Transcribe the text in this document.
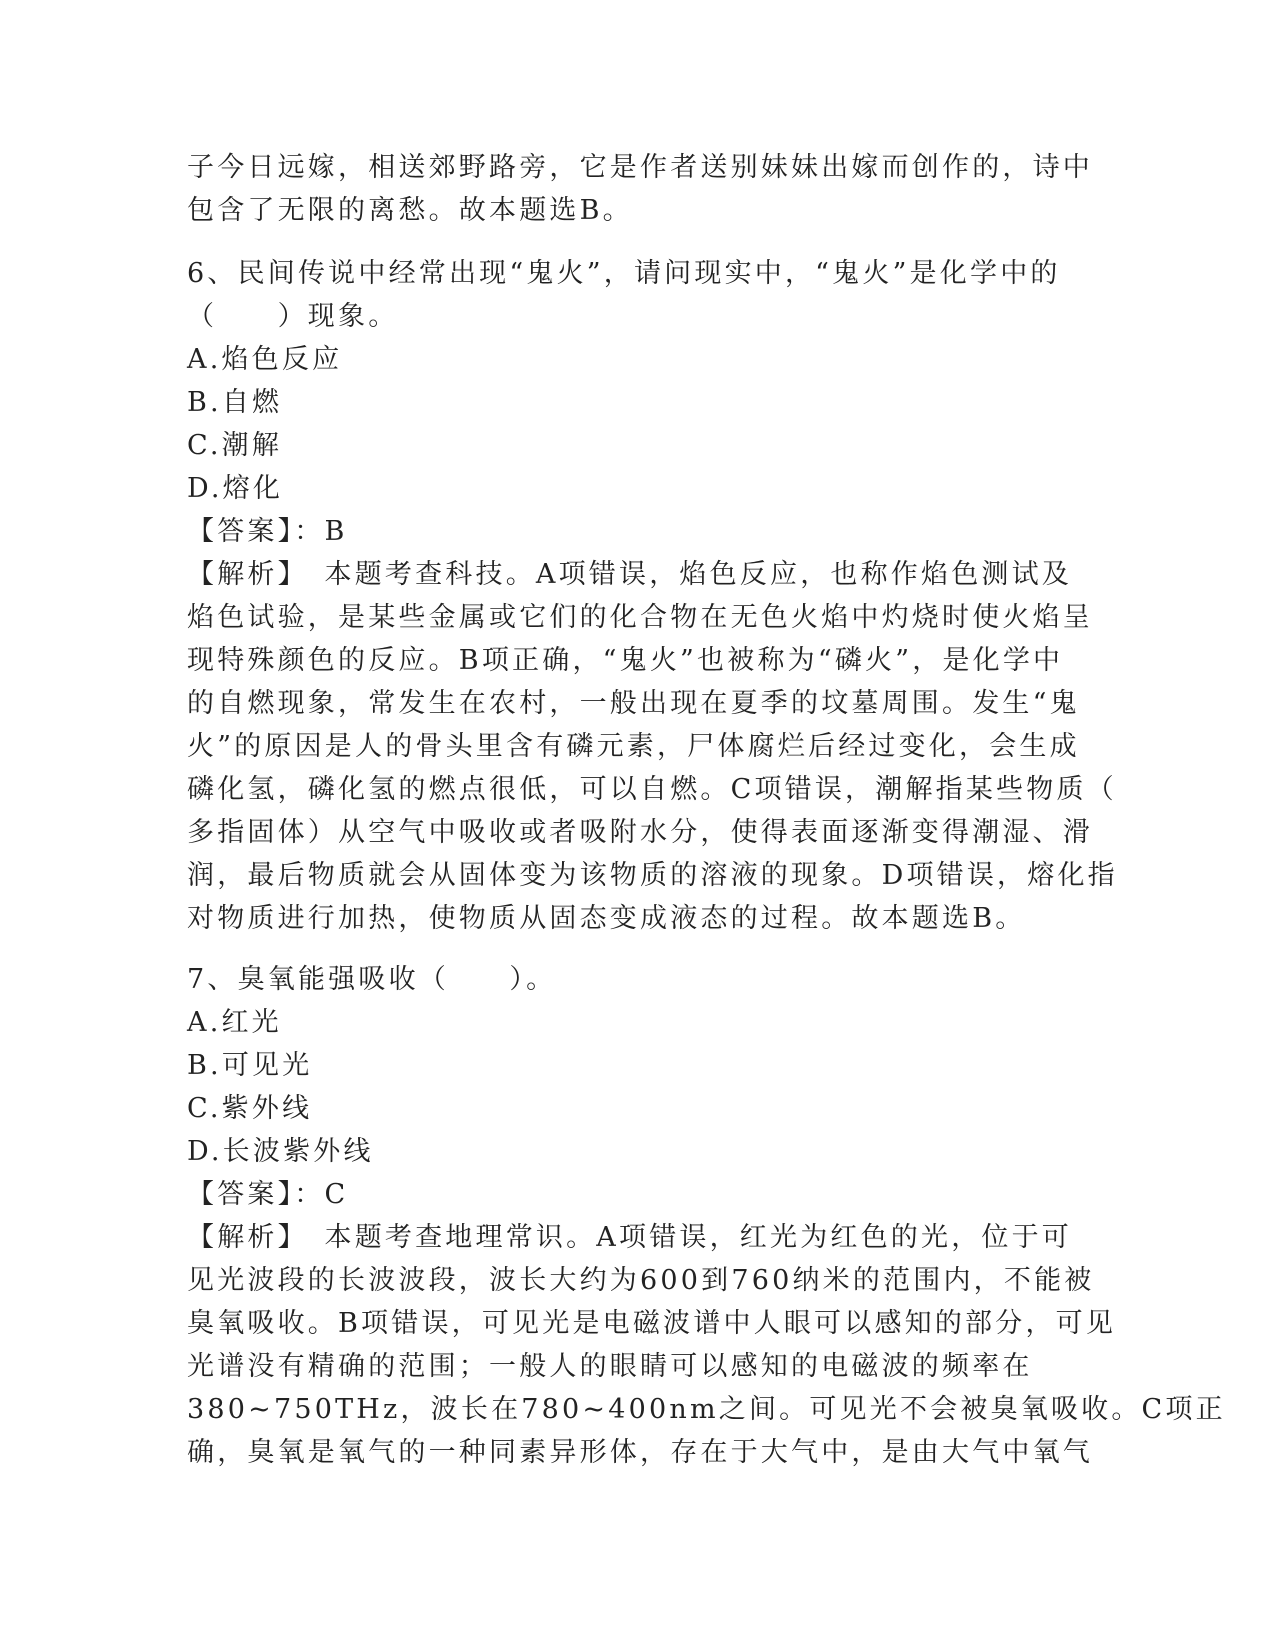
子今日远嫁，相送郊野路旁，它是作者送别妹妹出嫁而创作的，诗中
包含了无限的离愁。故本题选B。
6、民间传说中经常出现“鬼火”，请问现实中，“鬼火”是化学中的
（　　）现象。
A.焰色反应
B.自燃
C.潮解
D.熔化
【答案】：B
【解析】　本题考查科技。A项错误，焰色反应，也称作焰色测试及
焰色试验，是某些金属或它们的化合物在无色火焰中灼烧时使火焰呈
现特殊颜色的反应。B项正确，“鬼火”也被称为“磷火”，是化学中
的自燃现象，常发生在农村，一般出现在夏季的坟墓周围。发生“鬼
火”的原因是人的骨头里含有磷元素，尸体腐烂后经过变化，会生成
磷化氢，磷化氢的燃点很低，可以自燃。C项错误，潮解指某些物质（
多指固体）从空气中吸收或者吸附水分，使得表面逐渐变得潮湿、滑
润，最后物质就会从固体变为该物质的溶液的现象。D项错误，熔化指
对物质进行加热，使物质从固态变成液态的过程。故本题选B。
7、臭氧能强吸收（　　）。
A.红光
B.可见光
C.紫外线
D.长波紫外线
【答案】：C
【解析】　本题考查地理常识。A项错误，红光为红色的光，位于可
见光波段的长波波段，波长大约为600到760纳米的范围内，不能被
臭氧吸收。B项错误，可见光是电磁波谱中人眼可以感知的部分，可见
光谱没有精确的范围；一般人的眼睛可以感知的电磁波的频率在
380~750THz，波长在780~400nm之间。可见光不会被臭氧吸收。C项正
确，臭氧是氧气的一种同素异形体，存在于大气中，是由大气中氧气
